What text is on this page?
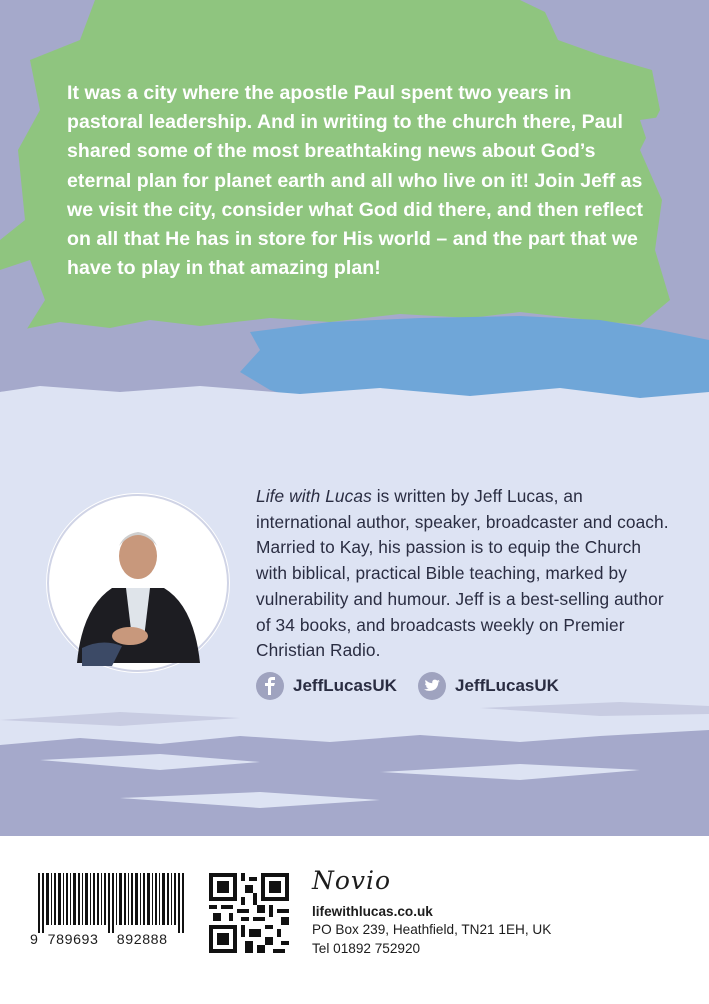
It was a city where the apostle Paul spent two years in pastoral leadership. And in writing to the church there, Paul shared some of the most breathtaking news about God’s eternal plan for planet earth and all who live on it! Join Jeff as we visit the city, consider what God did there, and then reflect on all that He has in store for His world – and the part that we have to play in that amazing plan!
Life with Lucas is written by Jeff Lucas, an international author, speaker, broadcaster and coach. Married to Kay, his passion is to equip the Church with biblical, practical Bible teaching, marked by vulnerability and humour. Jeff is a best-selling author of 34 books, and broadcasts weekly on Premier Christian Radio.
JeffLucasUK	JeffLucasUK
9 789693 892888
Novio
lifewithlucas.co.uk
PO Box 239, Heathfield, TN21 1EH, UK
Tel 01892 752920
